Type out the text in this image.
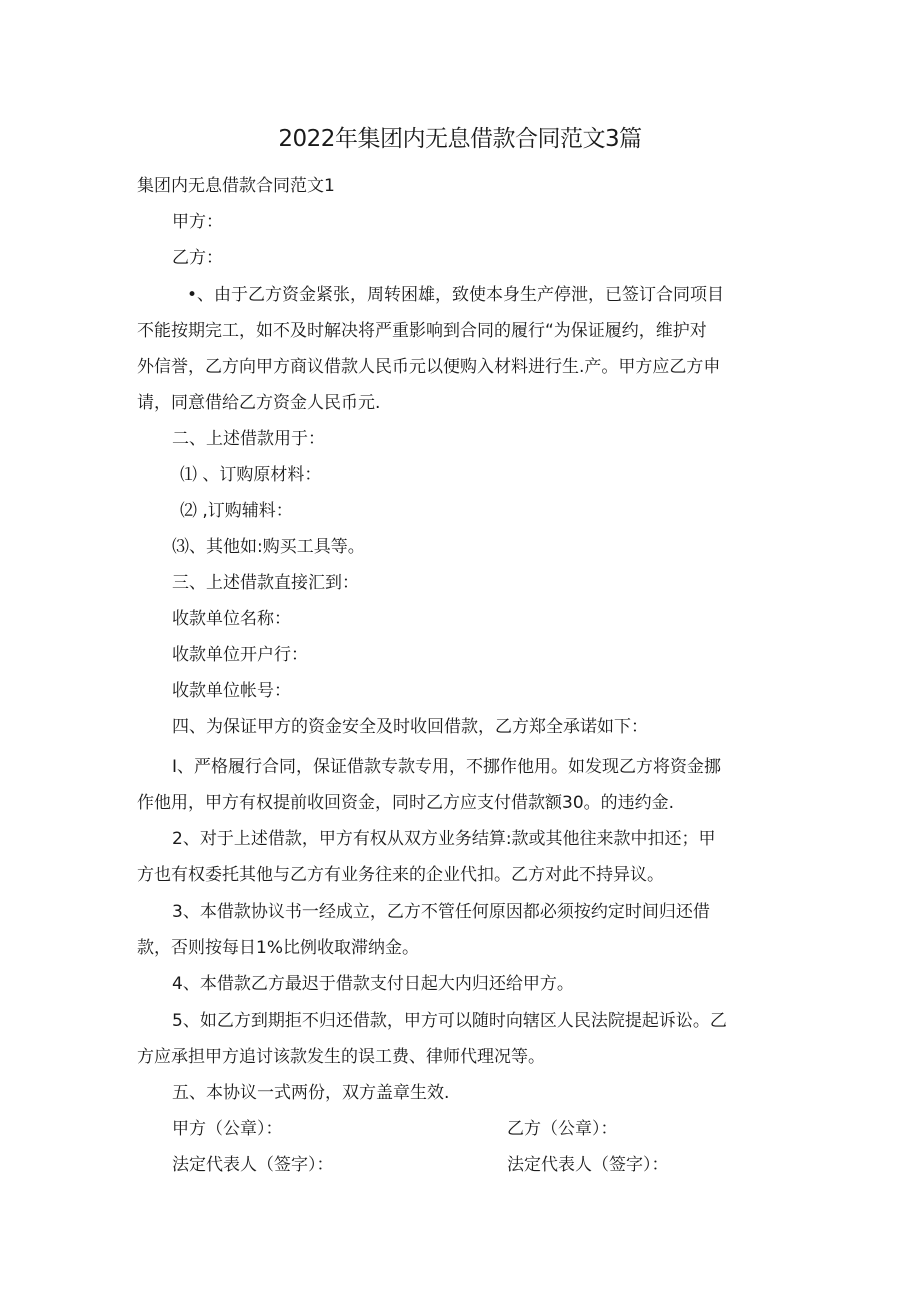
2022年集团内无息借款合同范文3篇
集团内无息借款合同范文1
甲方：
乙方：
•、由于乙方资金紧张，周转困雄，致使本身生产停泄，已签订合同项目
不能按期完工，如不及时解决将严重影响到合同的履行“为保证履约，维护对
外信誉，乙方向甲方商议借款人民币元以便购入材料进行生.产。甲方应乙方申
请，同意借给乙方资金人民币元.
二、上述借款用于：
⑴ 、订购原材料：
⑵ ,订购辅料：
⑶、其他如:购买工具等。
三、上述借款直接汇到：
收款单位名称：
收款单位开户行：
收款单位帐号：
四、为保证甲方的资金安全及时收回借款，乙方郑全承诺如下：
I、严格履行合同，保证借款专款专用，不挪作他用。如发现乙方将资金挪
作他用，甲方有权提前收回资金，同时乙方应支付借款额30。的违约金.
2、对于上述借款，甲方有权从双方业务结算:款或其他往来款中扣还；甲
方也有权委托其他与乙方有业务往来的企业代扣。乙方对此不持异议。
3、本借款协议书一经成立，乙方不管任何原因都必须按约定时间归还借
款，否则按每日1%比例收取滞纳金。
4、本借款乙方最迟于借款支付日起大内归还给甲方。
5、如乙方到期拒不归还借款，甲方可以随时向辖区人民法院提起诉讼。乙
方应承担甲方追讨该款发生的误工费、律师代理况等。
五、本协议一式两份，双方盖章生效.
甲方（公章）：	乙方（公章）：
法定代表人（签字）：	法定代表人（签字）：
